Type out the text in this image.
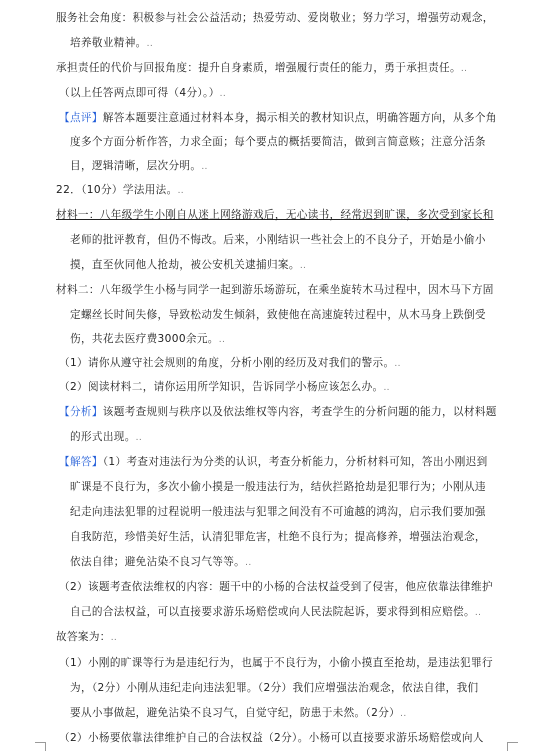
服务社会角度：积极参与社会公益活动；热爱劳动、爱岗敬业；努力学习，增强劳动观念，
培养敬业精神。..
承担责任的代价与回报角度：提升自身素质，增强履行责任的能力，勇于承担责任。..
（以上任答两点即可得（4分）。）..
【点评】解答本题要注意通过材料本身，揭示相关的教材知识点，明确答题方向，从多个角
度多个方面分析作答，力求全面；每个要点的概括要简洁，做到言简意赅；注意分活条
目，逻辑清晰，层次分明。..
22．（10分）学法用法。..
材料一：八年级学生小刚自从迷上网络游戏后，无心读书，经常迟到旷课，多次受到家长和
老师的批评教育，但仍不悔改。后来，小刚结识一些社会上的不良分子，开始是小偷小
摸，直至伙同他人抢劫，被公安机关逮捕归案。..
材料二：八年级学生小杨与同学一起到游乐场游玩，在乘坐旋转木马过程中，因木马下方固
定螺丝长时间失修，导致松动发生倾斜，致使他在高速旋转过程中，从木马身上跌倒受
伤，共花去医疗费3000余元。..
（1）请你从遵守社会规则的角度，分析小刚的经历及对我们的警示。..
（2）阅读材料二，请你运用所学知识，告诉同学小杨应该怎么办。..
【分析】该题考查规则与秩序以及依法维权等内容，考查学生的分析问题的能力，以材料题
的形式出现。..
【解答】（1）考查对违法行为分类的认识，考查分析能力，分析材料可知，答出小刚迟到
旷课是不良行为，多次小偷小摸是一般违法行为，结伙拦路抢劫是犯罪行为；小刚从违
纪走向违法犯罪的过程说明一般违法与犯罪之间没有不可逾越的鸿沟，启示我们要加强
自我防范，珍惜美好生活，认清犯罪危害，杜绝不良行为；提高修养，增强法治观念，
依法自律；避免沾染不良习气等等。..
（2）该题考查依法维权的内容：题干中的小杨的合法权益受到了侵害，他应依靠法律维护
自己的合法权益，可以直接要求游乐场赔偿或向人民法院起诉，要求得到相应赔偿。..
故答案为：..
（1）小刚的旷课等行为是违纪行为，也属于不良行为，小偷小摸直至抢劫，是违法犯罪行
为，（2分）小刚从违纪走向违法犯罪。（2分）我们应增强法治观念，依法自律，我们
要从小事做起，避免沾染不良习气，自觉守纪，防患于未然。（2分）..
（2）小杨要依靠法律维护自己的合法权益（2分）。小杨可以直接要求游乐场赔偿或向人
